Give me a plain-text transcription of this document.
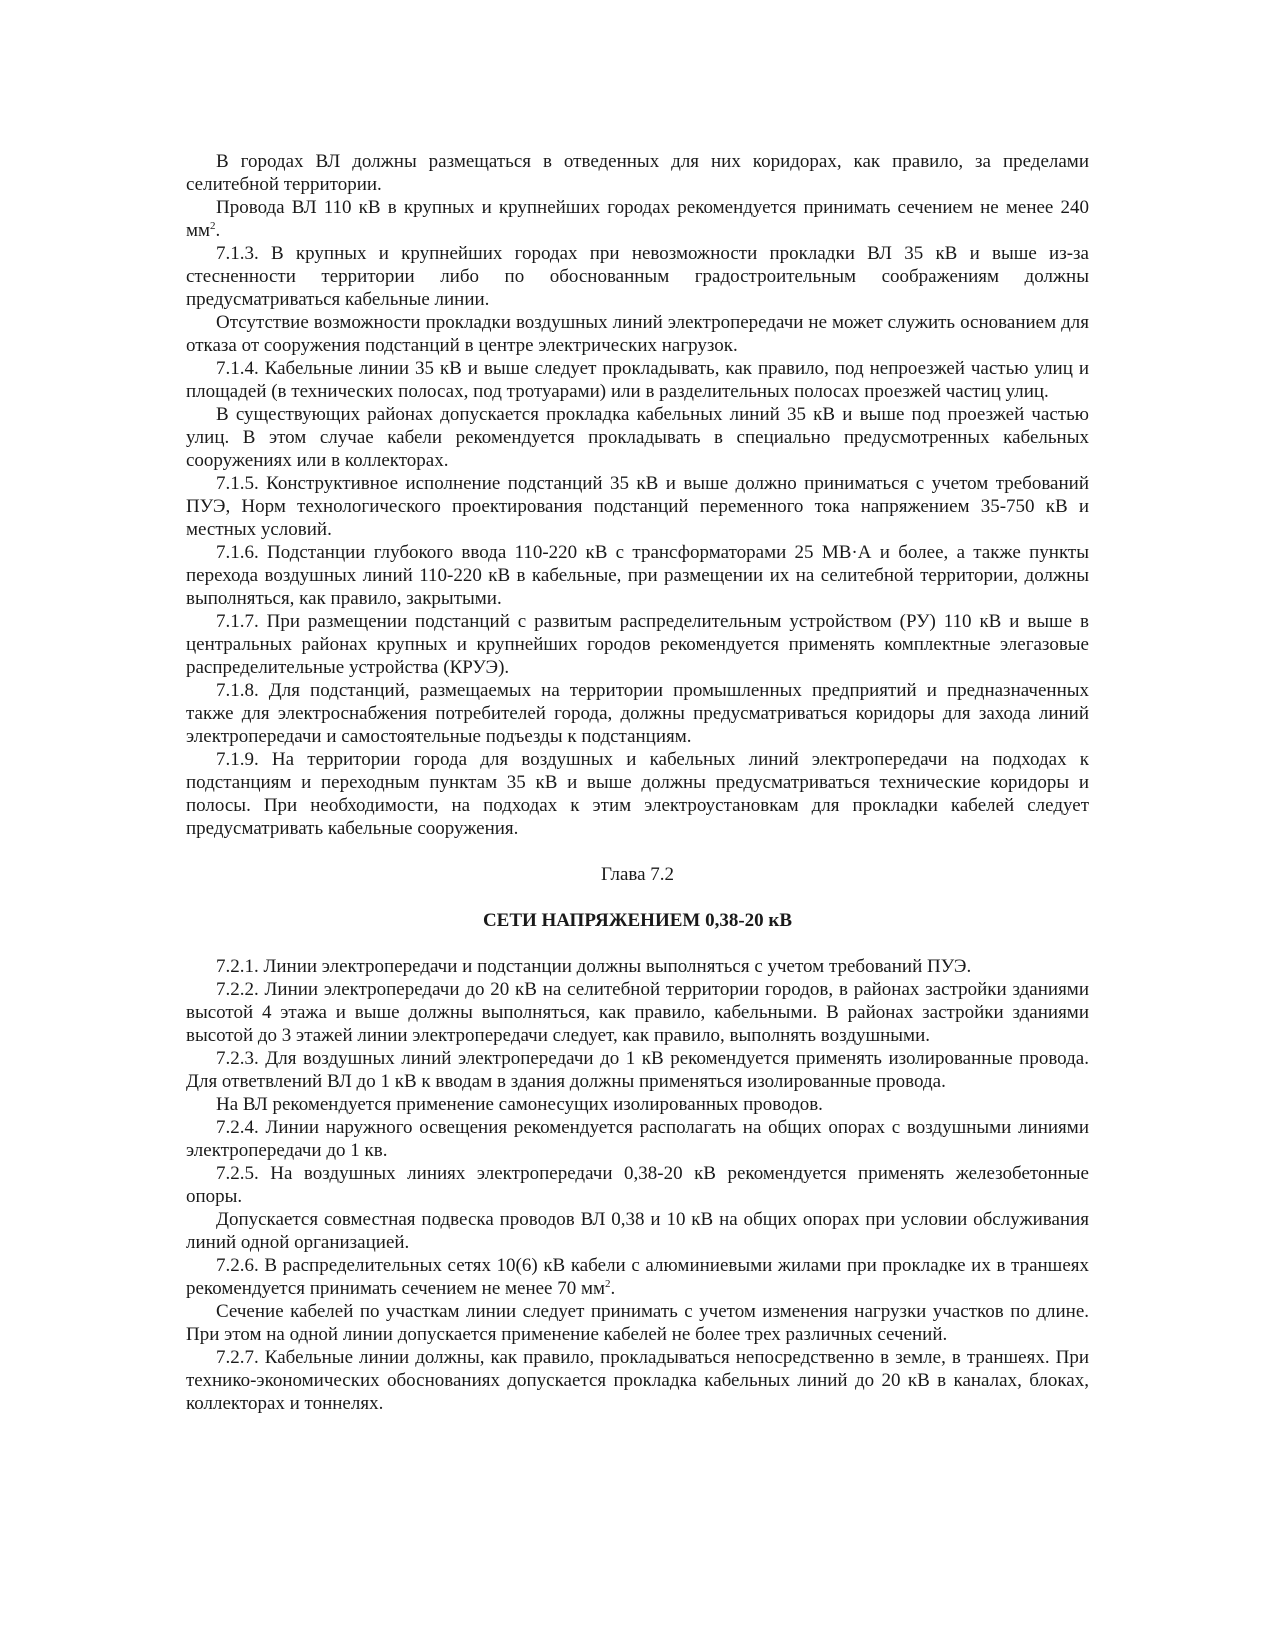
В городах ВЛ должны размещаться в отведенных для них коридорах, как правило, за пределами селитебной территории.

Провода ВЛ 110 кВ в крупных и крупнейших городах рекомендуется принимать сечением не менее 240 $мм^2$.

7.1.3. В крупных и крупнейших городах при невозможности прокладки ВЛ 35 кВ и выше из-за стесненности территории либо по обоснованным градостроительным соображениям должны предусматриваться кабельные линии.

Отсутствие возможности прокладки воздушных линий электропередачи не может служить основанием для отказа от сооружения подстанций в центре электрических нагрузок.

7.1.4. Кабельные линии 35 кВ и выше следует прокладывать, как правило, под непроезжей частью улиц и площадей (в технических полосах, под тротуарами) или в разделительных полосах проезжей частиц улиц.

В существующих районах допускается прокладка кабельных линий 35 кВ и выше под проезжей частью улиц. В этом случае кабели рекомендуется прокладывать в специально предусмотренных кабельных сооружениях или в коллекторах.

7.1.5. Конструктивное исполнение подстанций 35 кВ и выше должно приниматься с учетом требований ПУЭ, Норм технологического проектирования подстанций переменного тока напряжением 35-750 кВ и местных условий.

7.1.6. Подстанции глубокого ввода 110-220 кВ с трансформаторами 25 МВ·А и более, а также пункты перехода воздушных линий 110-220 кВ в кабельные, при размещении их на селитебной территории, должны выполняться, как правило, закрытыми.

7.1.7. При размещении подстанций с развитым распределительным устройством (РУ) 110 кВ и выше в центральных районах крупных и крупнейших городов рекомендуется применять комплектные элегазовые распределительные устройства (КРУЭ).

7.1.8. Для подстанций, размещаемых на территории промышленных предприятий и предназначенных также для электроснабжения потребителей города, должны предусматриваться коридоры для захода линий электропередачи и самостоятельные подъезды к подстанциям.

7.1.9. На территории города для воздушных и кабельных линий электропередачи на подходах к подстанциям и переходным пунктам 35 кВ и выше должны предусматриваться технические коридоры и полосы. При необходимости, на подходах к этим электроустановкам для прокладки кабелей следует предусматривать кабельные сооружения.

Глава 7.2
СЕТИ НАПРЯЖЕНИЕМ 0,38-20 кВ

7.2.1. Линии электропередачи и подстанции должны выполняться с учетом требований ПУЭ.

7.2.2. Линии электропередачи до 20 кВ на селитебной территории городов, в районах застройки зданиями высотой 4 этажа и выше должны выполняться, как правило, кабельными. В районах застройки зданиями высотой до 3 этажей линии электропередачи следует, как правило, выполнять воздушными.

7.2.3. Для воздушных линий электропередачи до 1 кВ рекомендуется применять изолированные провода. Для ответвлений ВЛ до 1 кВ к вводам в здания должны применяться изолированные провода.

На ВЛ рекомендуется применение самонесущих изолированных проводов.

7.2.4. Линии наружного освещения рекомендуется располагать на общих опорах с воздушными линиями электропередачи до 1 кв.

7.2.5. На воздушных линиях электропередачи 0,38-20 кВ рекомендуется применять железобетонные опоры.

Допускается совместная подвеска проводов ВЛ 0,38 и 10 кВ на общих опорах при условии обслуживания линий одной организацией.

7.2.6. В распределительных сетях 10(6) кВ кабели с алюминиевыми жилами при прокладке их в траншеях рекомендуется принимать сечением не менее 70 $мм^2$.

Сечение кабелей по участкам линии следует принимать с учетом изменения нагрузки участков по длине. При этом на одной линии допускается применение кабелей не более трех различных сечений.

7.2.7. Кабельные линии должны, как правило, прокладываться непосредственно в земле, в траншеях. При технико-экономических обоснованиях допускается прокладка кабельных линий до 20 кВ в каналах, блоках, коллекторах и тоннелях.
